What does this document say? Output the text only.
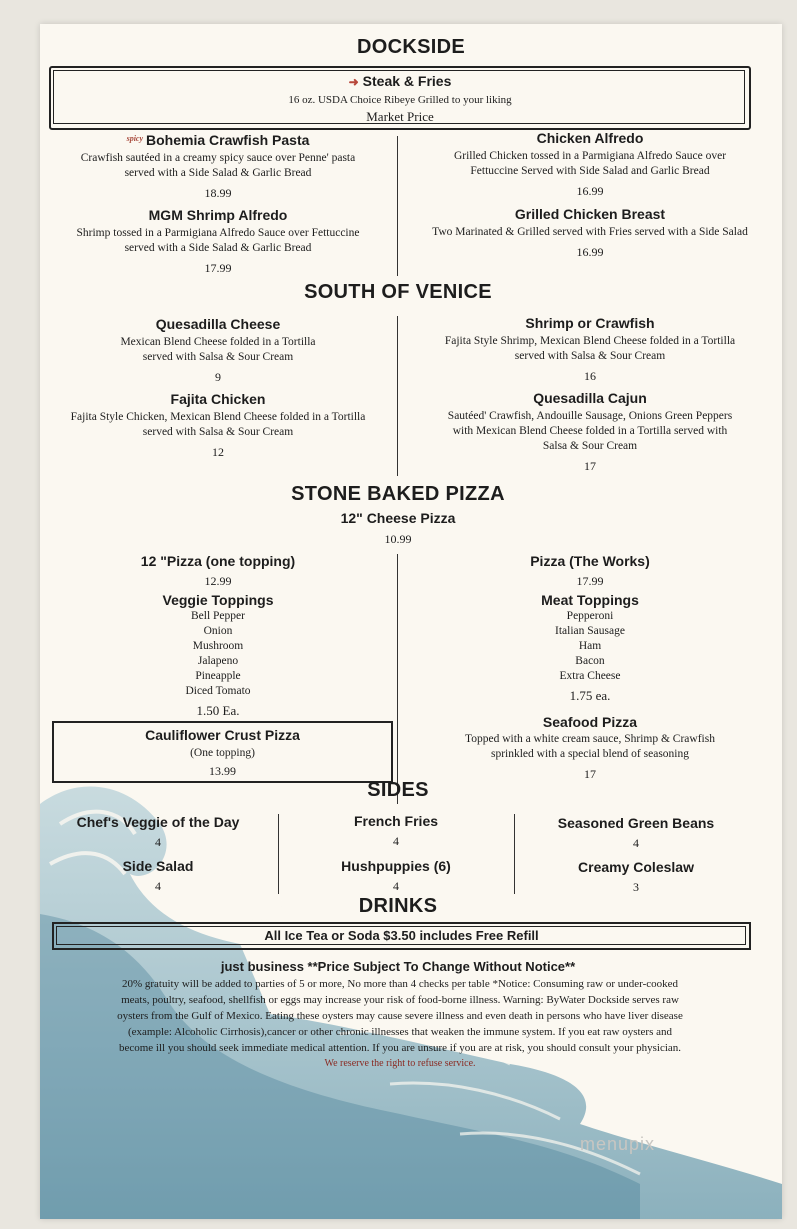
DOCKSIDE
➜ Steak & Fries
16 oz. USDA Choice Ribeye Grilled to your liking
Market Price
$^{spicy}$ Bohemia Crawfish Pasta
Crawfish sautéed in a creamy spicy sauce over Penne' pasta
served with a Side Salad & Garlic Bread
18.99
Chicken Alfredo
Grilled Chicken tossed in a Parmigiana Alfredo Sauce over
Fettuccine Served with Side Salad and Garlic Bread
16.99
MGM Shrimp Alfredo
Shrimp tossed in a Parmigiana Alfredo Sauce over Fettuccine
served with a Side Salad & Garlic Bread
17.99
Grilled Chicken Breast
Two Marinated & Grilled served with Fries served with a Side Salad
16.99
SOUTH OF VENICE
Quesadilla Cheese
Mexican Blend Cheese folded in a Tortilla
served with Salsa & Sour Cream
9
Shrimp or Crawfish
Fajita Style Shrimp, Mexican Blend Cheese folded in a Tortilla
served with Salsa & Sour Cream
16
Fajita Chicken
Fajita Style Chicken, Mexican Blend Cheese folded in a Tortilla
served with Salsa & Sour Cream
12
Quesadilla Cajun
Sautéed' Crawfish, Andouille Sausage, Onions Green Peppers
with Mexican Blend Cheese folded in a Tortilla served with
Salsa & Sour Cream
17
STONE BAKED PIZZA
12" Cheese Pizza
10.99
12 "Pizza (one topping)
12.99
Veggie Toppings
Bell Pepper
Onion
Mushroom
Jalapeno
Pineapple
Diced Tomato
1.50 Ea.
Cauliflower Crust Pizza
(One topping)
13.99
Pizza (The Works)
17.99
Meat Toppings
Pepperoni
Italian Sausage
Ham
Bacon
Extra Cheese
1.75 ea.
Seafood Pizza
Topped with a white cream sauce, Shrimp & Crawfish
sprinkled with a special blend of seasoning
17
SIDES
Chef's Veggie of the Day
4
French Fries
4
Seasoned Green Beans
4
Side Salad
4
Hushpuppies (6)
4
Creamy Coleslaw
3
DRINKS
All Ice Tea or Soda $3.50 includes Free Refill
just business **Price Subject To Change Without Notice**
20% gratuity will be added to parties of 5 or more, No more than 4 checks per table *Notice: Consuming raw or under-cooked
meats, poultry, seafood, shellfish or eggs may increase your risk of food-borne illness. Warning: ByWater Dockside serves raw
oysters from the Gulf of Mexico. Eating these oysters may cause severe illness and even death in persons who have liver disease
(example: Alcoholic Cirrhosis),cancer or other chronic illnesses that weaken the immune system. If you eat raw oysters and
become ill you should seek immediate medical attention. If you are unsure if you are at risk, you should consult your physician.
We reserve the right to refuse service.
menupix
